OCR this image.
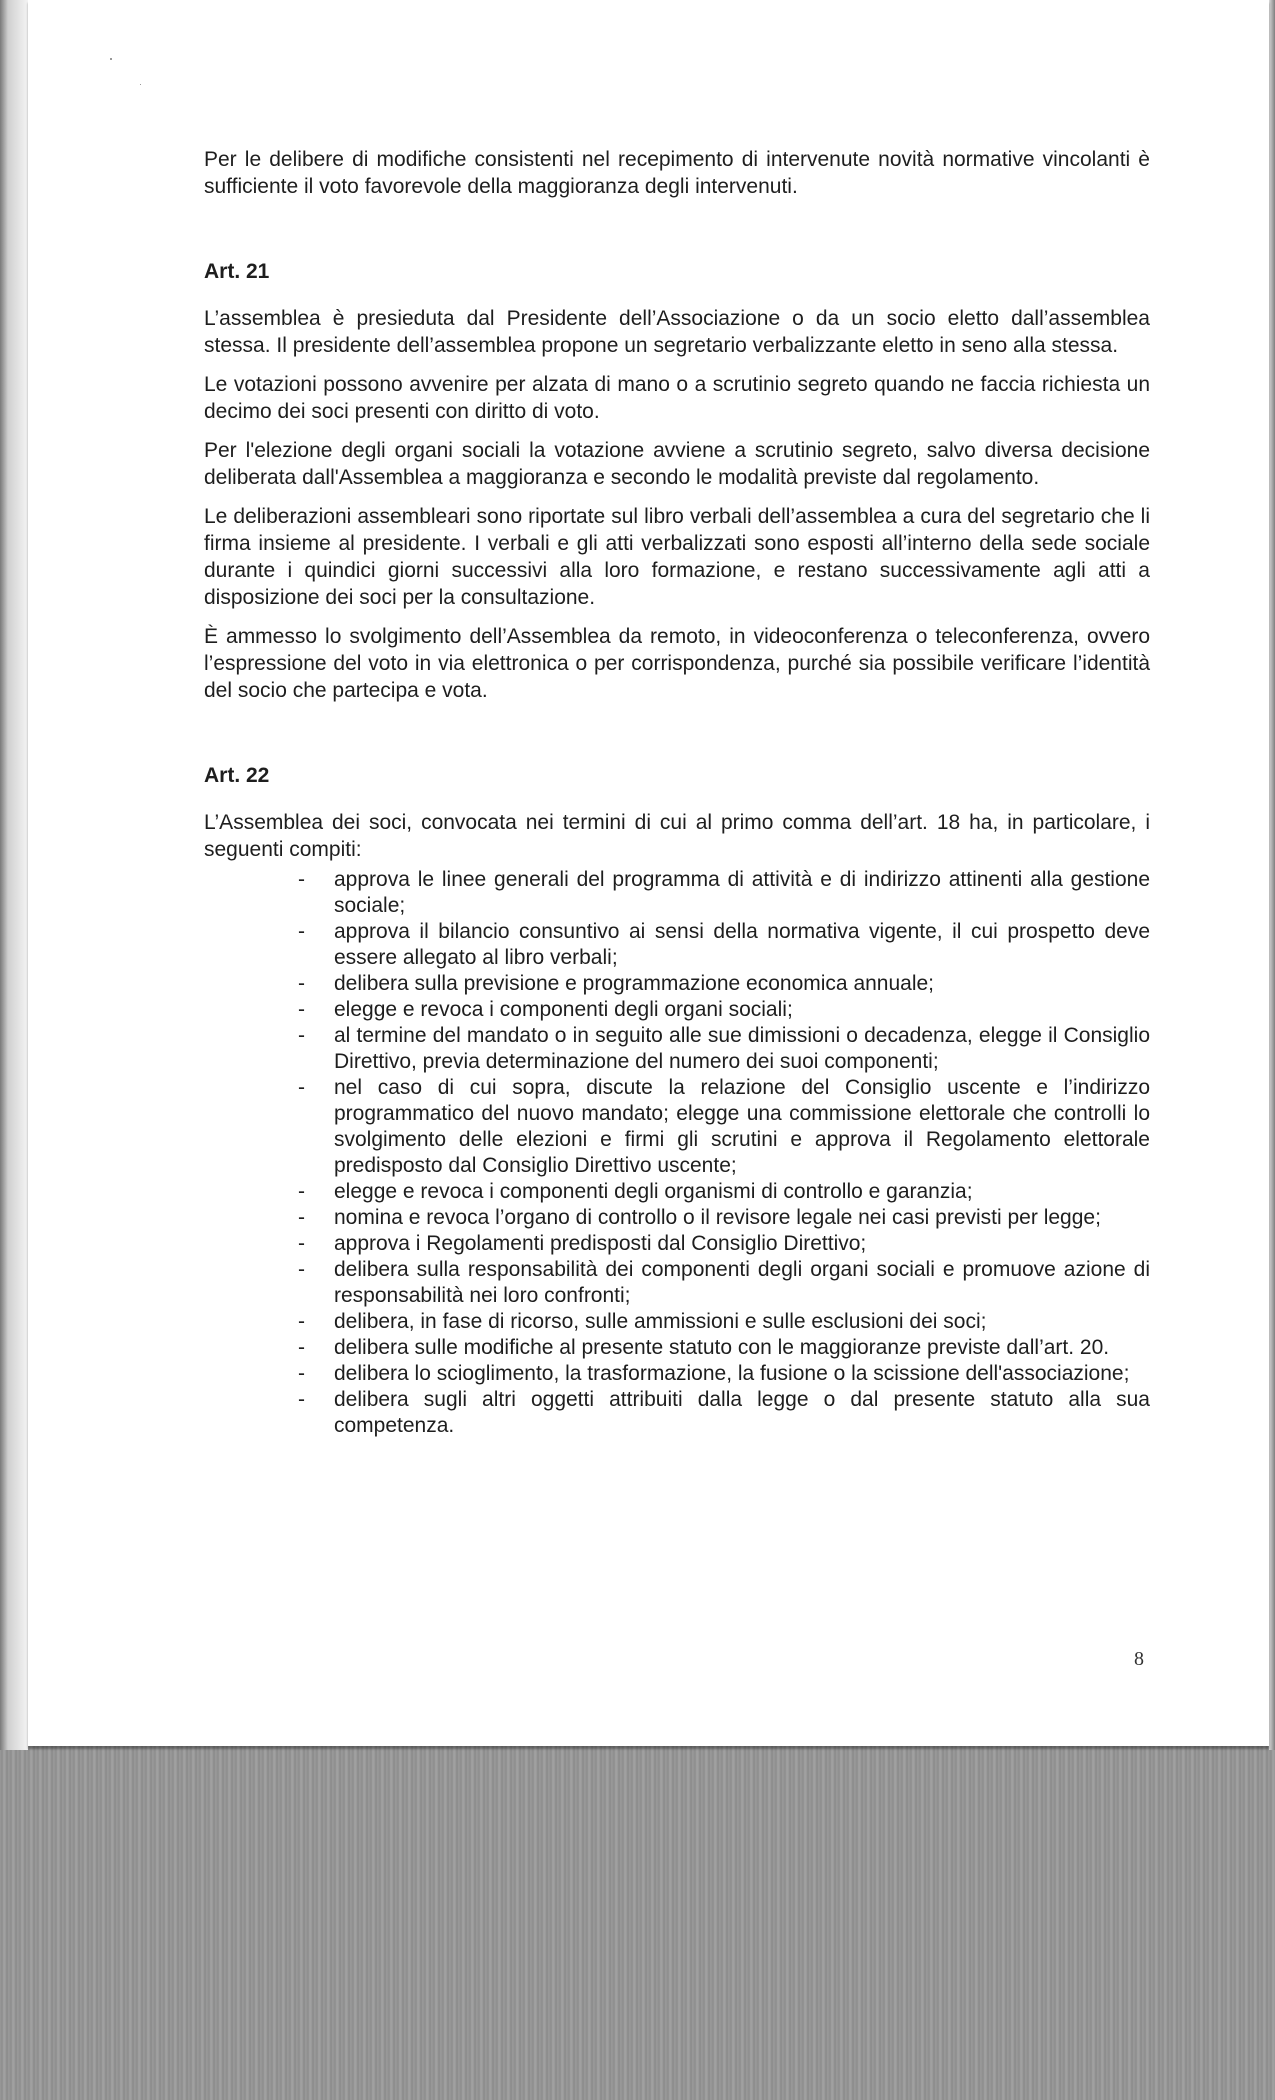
Per le delibere di modifiche consistenti nel recepimento di intervenute novità normative vincolanti è sufficiente il voto favorevole della maggioranza degli intervenuti.

Art. 21

L’assemblea è presieduta dal Presidente dell’Associazione o da un socio eletto dall’assemblea stessa. Il presidente dell’assemblea propone un segretario verbalizzante eletto in seno alla stessa.

Le votazioni possono avvenire per alzata di mano o a scrutinio segreto quando ne faccia richiesta un decimo dei soci presenti con diritto di voto.

Per l'elezione degli organi sociali la votazione avviene a scrutinio segreto, salvo diversa decisione deliberata dall'Assemblea a maggioranza e secondo le modalità previste dal regolamento.

Le deliberazioni assembleari sono riportate sul libro verbali dell’assemblea a cura del segretario che li firma insieme al presidente. I verbali e gli atti verbalizzati sono esposti all’interno della sede sociale durante i quindici giorni successivi alla loro formazione, e restano successivamente agli atti a disposizione dei soci per la consultazione.

È ammesso lo svolgimento dell’Assemblea da remoto, in videoconferenza o teleconferenza, ovvero l’espressione del voto in via elettronica o per corrispondenza, purché sia possibile verificare l’identità del socio che partecipa e vota.

Art. 22

L’Assemblea dei soci, convocata nei termini di cui al primo comma dell’art. 18 ha, in particolare, i seguenti compiti:

- approva le linee generali del programma di attività e di indirizzo attinenti alla gestione sociale;
- approva il bilancio consuntivo ai sensi della normativa vigente, il cui prospetto deve essere allegato al libro verbali;
- delibera sulla previsione e programmazione economica annuale;
- elegge e revoca i componenti degli organi sociali;
- al termine del mandato o in seguito alle sue dimissioni o decadenza, elegge il Consiglio Direttivo, previa determinazione del numero dei suoi componenti;
- nel caso di cui sopra, discute la relazione del Consiglio uscente e l’indirizzo programmatico del nuovo mandato; elegge una commissione elettorale che controlli lo svolgimento delle elezioni e firmi gli scrutini e approva il Regolamento elettorale predisposto dal Consiglio Direttivo uscente;
- elegge e revoca i componenti degli organismi di controllo e garanzia;
- nomina e revoca l’organo di controllo o il revisore legale nei casi previsti per legge;
- approva i Regolamenti predisposti dal Consiglio Direttivo;
- delibera sulla responsabilità dei componenti degli organi sociali e promuove azione di responsabilità nei loro confronti;
- delibera, in fase di ricorso, sulle ammissioni e sulle esclusioni dei soci;
- delibera sulle modifiche al presente statuto con le maggioranze previste dall’art. 20.
- delibera lo scioglimento, la trasformazione, la fusione o la scissione dell'associazione;
- delibera sugli altri oggetti attribuiti dalla legge o dal presente statuto alla sua competenza.
8
